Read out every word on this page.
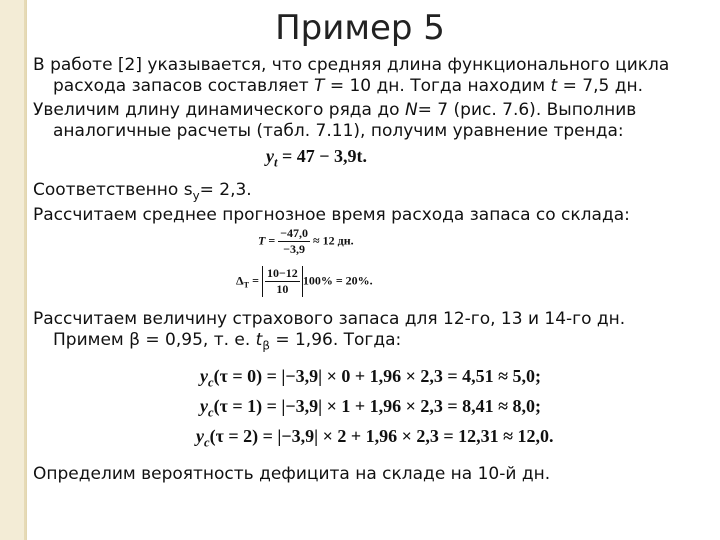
Пример 5
В работе [2] указывается, что средняя длина функционального цикла
расхода запасов составляет T = 10 дн. Тогда находим t = 7,5 дн.
Увеличим длину динамического ряда до N= 7 (рис. 7.6). Выполнив
аналогичные расчеты (табл. 7.11), получим уравнение тренда:
$y_t = 47 - 3,9t$.
Соответственно $s_y= 2,3$.
Рассчитаем среднее прогнозное время расхода запаса со склада:
$T = \frac{-47,0}{-3,9} \approx 12$ дн.
$\Delta_T = \frac{10-12}{10} 100\% = 20\%$.
Рассчитаем величину страхового запаса для 12-го, 13 и 14-го дн.
Примем β = 0,95, т. е. $t_\beta = 1,96$. Тогда:
$y_c(\tau = 0) = |-3,9| \times 0 + 1,96 \times 2,3 = 4,51 \approx 5,0$;
$y_c(\tau = 1) = |-3,9| \times 1 + 1,96 \times 2,3 = 8,41 \approx 8,0$;
$y_c(\tau = 2) = |-3,9| \times 2 + 1,96 \times 2,3 = 12,31 \approx 12,0$.
Определим вероятность дефицита на складе на 10-й дн.
